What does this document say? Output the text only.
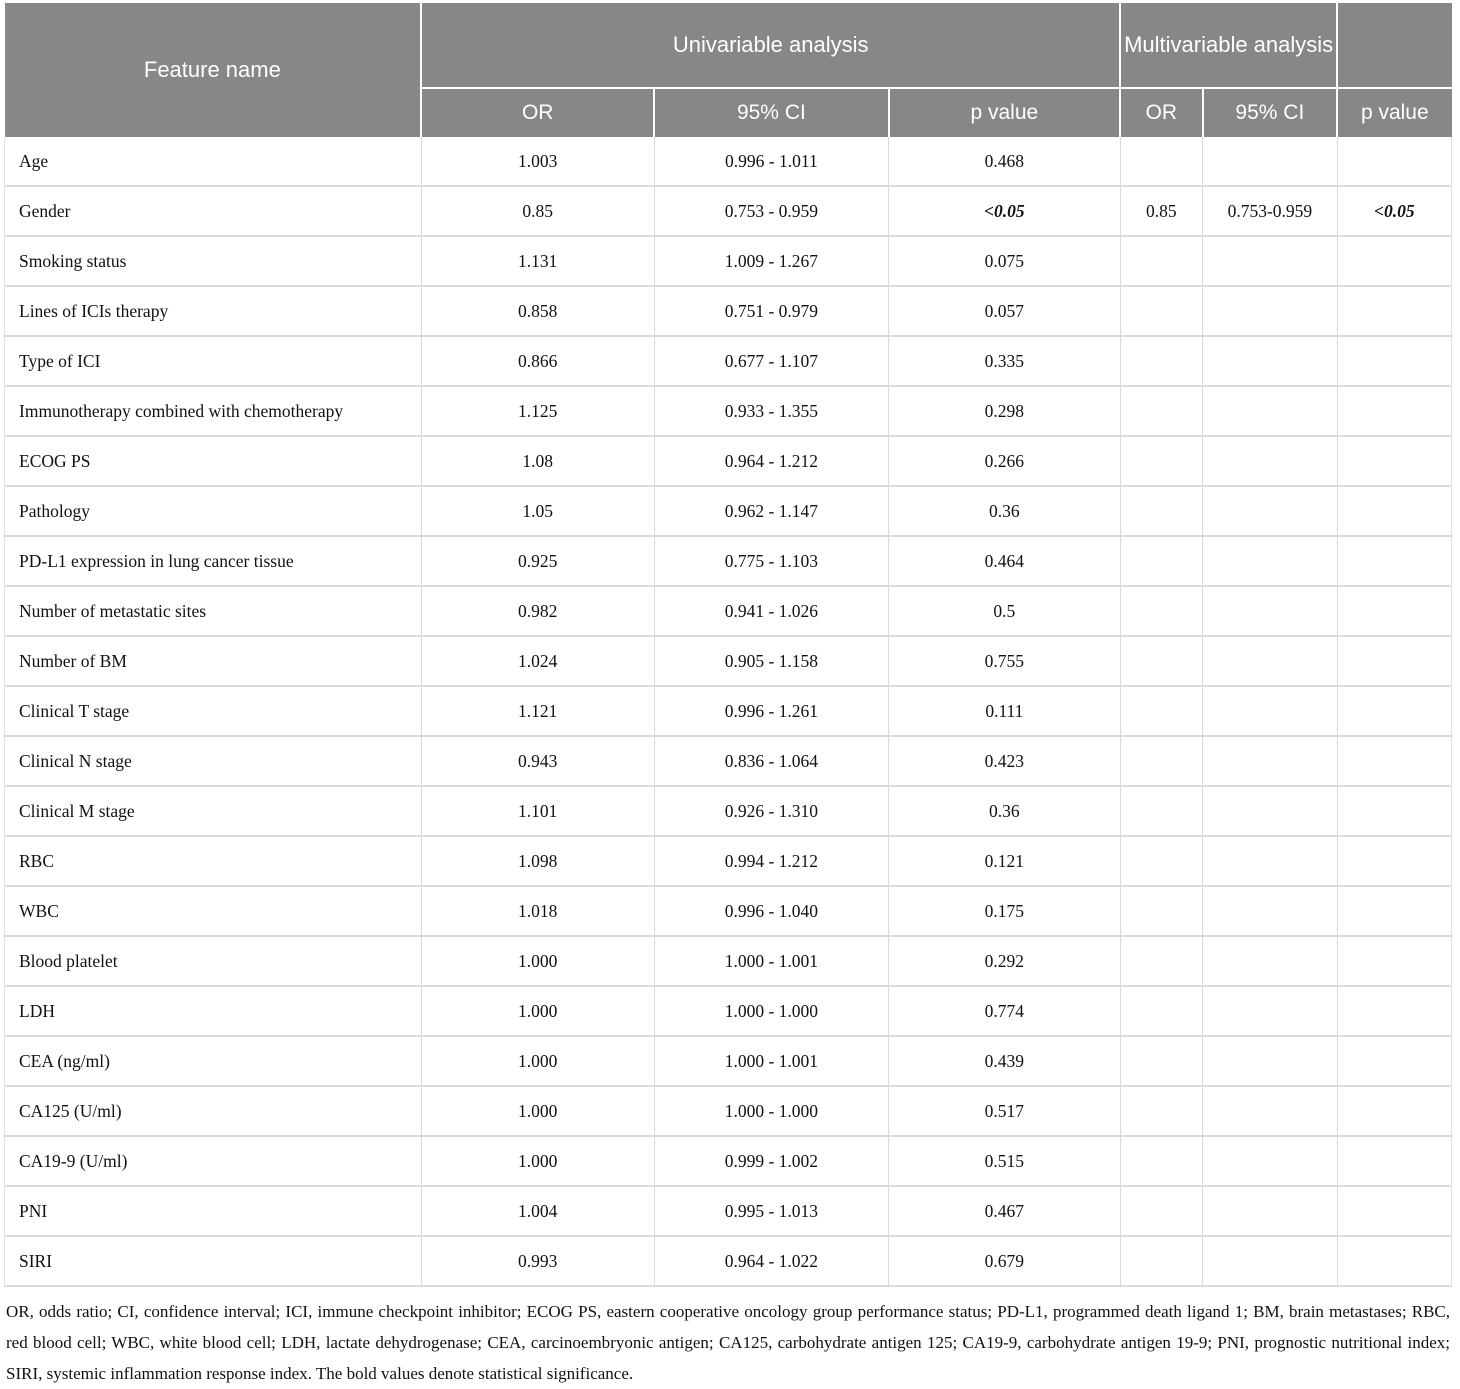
Feature name	Univariable analysis			Multivariable analysis		
	OR	95% CI	p value	OR	95% CI	p value
Age	1.003	0.996 - 1.011	0.468			
Gender	0.85	0.753 - 0.959	<0.05	0.85	0.753-0.959	<0.05
Smoking status	1.131	1.009 - 1.267	0.075			
Lines of ICIs therapy	0.858	0.751 - 0.979	0.057			
Type of ICI	0.866	0.677 - 1.107	0.335			
Immunotherapy combined with chemotherapy	1.125	0.933 - 1.355	0.298			
ECOG PS	1.08	0.964 - 1.212	0.266			
Pathology	1.05	0.962 - 1.147	0.36			
PD-L1 expression in lung cancer tissue	0.925	0.775 - 1.103	0.464			
Number of metastatic sites	0.982	0.941 - 1.026	0.5			
Number of BM	1.024	0.905 - 1.158	0.755			
Clinical T stage	1.121	0.996 - 1.261	0.111			
Clinical N stage	0.943	0.836 - 1.064	0.423			
Clinical M stage	1.101	0.926 - 1.310	0.36			
RBC	1.098	0.994 - 1.212	0.121			
WBC	1.018	0.996 - 1.040	0.175			
Blood platelet	1.000	1.000 - 1.001	0.292			
LDH	1.000	1.000 - 1.000	0.774			
CEA (ng/ml)	1.000	1.000 - 1.001	0.439			
CA125 (U/ml)	1.000	1.000 - 1.000	0.517			
CA19-9 (U/ml)	1.000	0.999 - 1.002	0.515			
PNI	1.004	0.995 - 1.013	0.467			
SIRI	0.993	0.964 - 1.022	0.679			
OR, odds ratio; CI, confidence interval; ICI, immune checkpoint inhibitor; ECOG PS, eastern cooperative oncology group performance status; PD-L1, programmed death ligand 1; BM, brain metastases; RBC, red blood cell; WBC, white blood cell; LDH, lactate dehydrogenase; CEA, carcinoembryonic antigen; CA125, carbohydrate antigen 125; CA19-9, carbohydrate antigen 19-9; PNI, prognostic nutritional index; SIRI, systemic inflammation response index. The bold values denote statistical significance.
